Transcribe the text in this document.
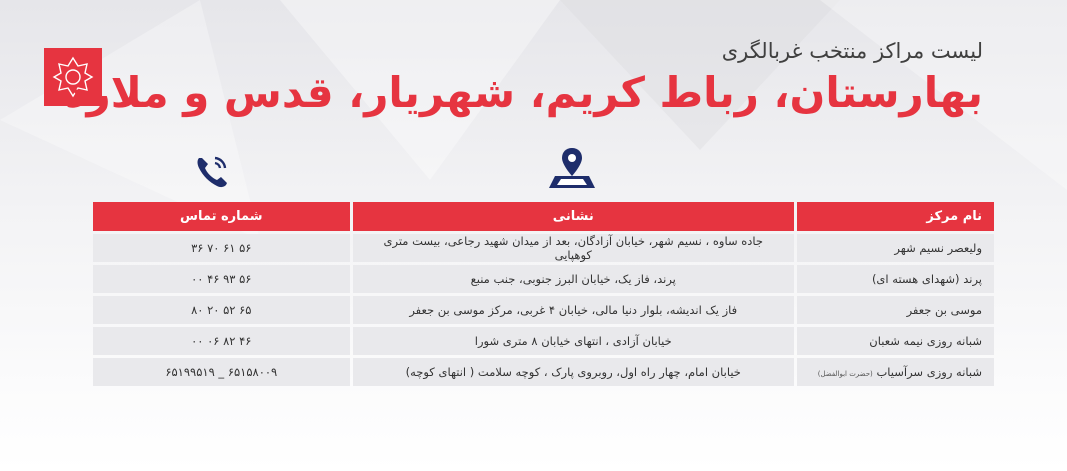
لیست مراکز منتخب غربالگری
بهارستان، رباط کریم، شهریار، قدس و ملارد
شماره تماس	نشانی	نام مرکز
۵۶ ۶۱ ۷۰ ۳۶	جاده ساوه ، نسیم شهر، خیابان آزادگان، بعد از میدان شهید رجاعی، بیست متری کوهپایی	ولیعصر نسیم شهر
۵۶ ۹۳ ۴۶ ۰۰	پرند، فاز یک، خیابان البرز جنوبی، جنب منبع	پرند (شهدای هسته ای)
۶۵ ۵۲ ۲۰ ۸۰	فاز یک اندیشه، بلوار دنیا مالی، خیابان ۴ غربی، مرکز موسی بن جعفر	موسی بن جعفر
۴۶ ۸۲ ۰۶ ۰۰	خیابان آزادی ، انتهای خیابان ۸ متری شورا	شبانه روزی نیمه شعبان
۶۵۱۵۸۰۰۹ _ ۶۵۱۹۹۵۱۹	خیابان امام، چهار راه اول، روبروی پارک ، کوچه سلامت ( انتهای کوچه)	شبانه روزی سرآسیاب (حضرت ابوالفضل)
